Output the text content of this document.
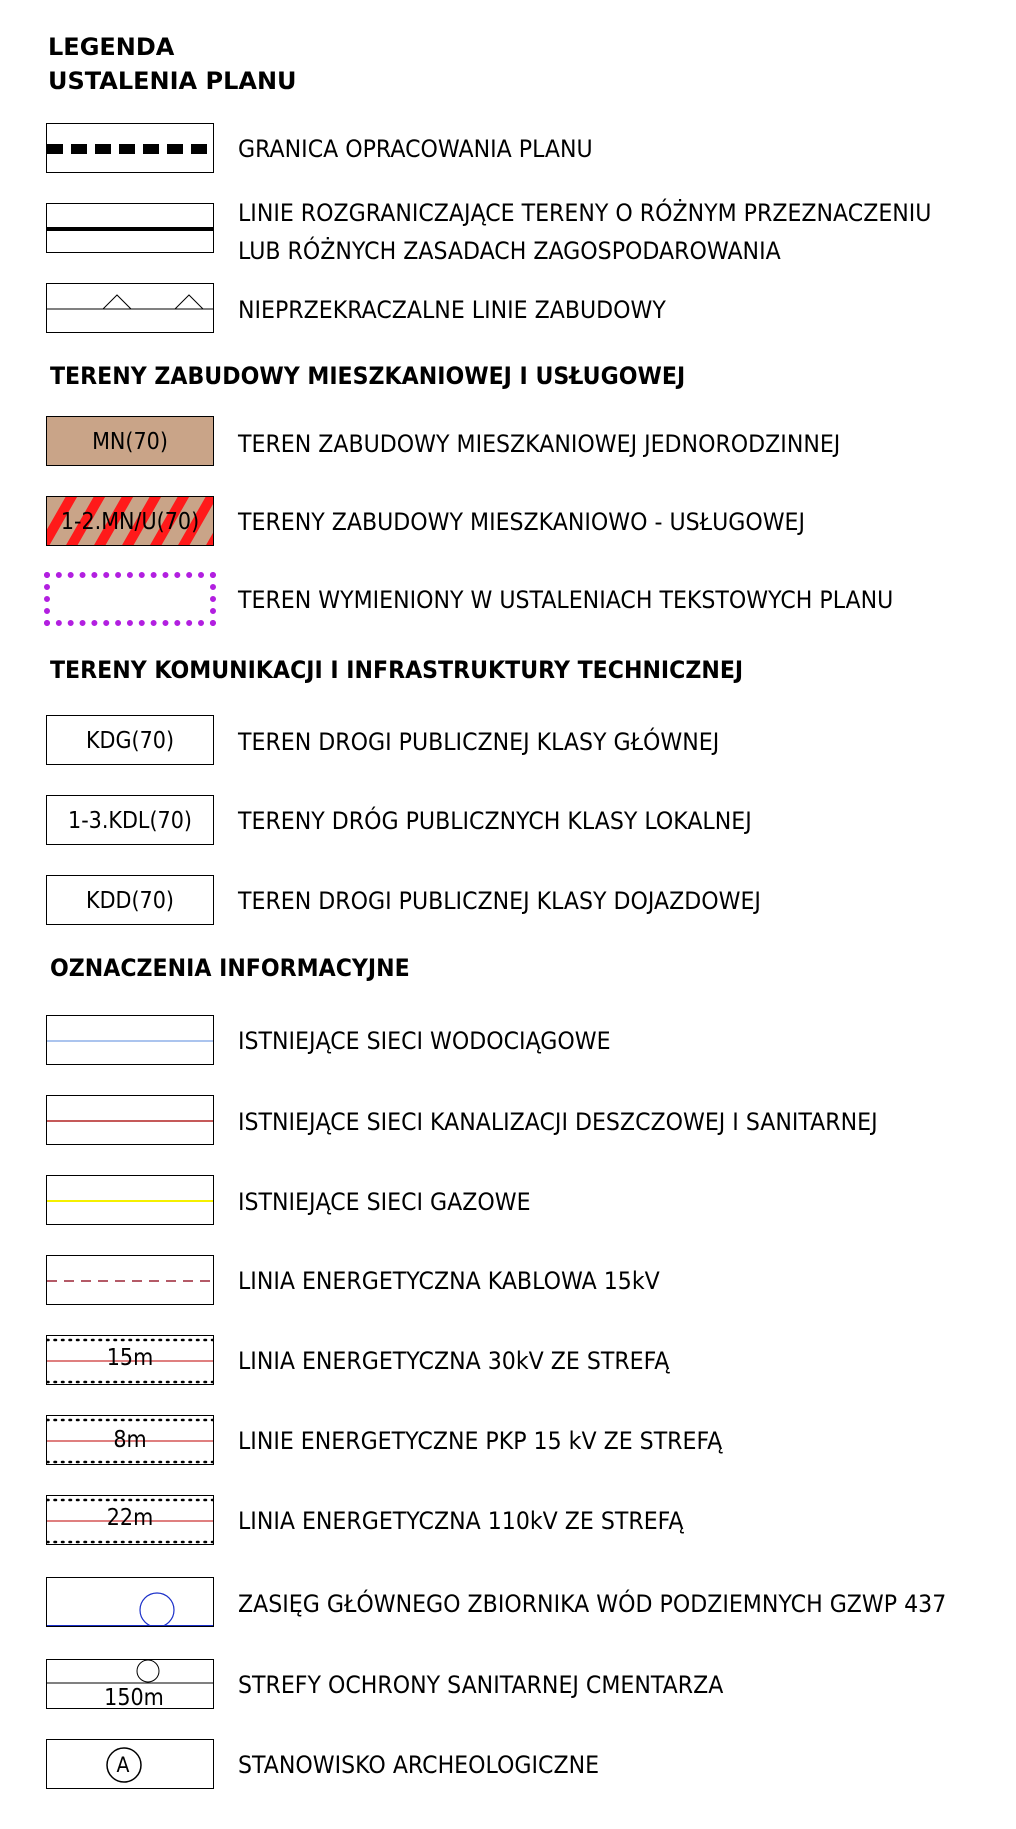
LEGENDA
USTALENIA PLANU
GRANICA OPRACOWANIA PLANU
LINIE ROZGRANICZAJĄCE TERENY O RÓŻNYM PRZEZNACZENIU
LUB RÓŻNYCH ZASADACH ZAGOSPODAROWANIA
NIEPRZEKRACZALNE LINIE ZABUDOWY
TERENY ZABUDOWY MIESZKANIOWEJ I USŁUGOWEJ
MN(70)	TEREN ZABUDOWY MIESZKANIOWEJ JEDNORODZINNEJ
1-2.MN/U(70) TERENY ZABUDOWY MIESZKANIOWO - USŁUGOWEJ
TEREN WYMIENIONY W USTALENIACH TEKSTOWYCH PLANU
TERENY KOMUNIKACJI I INFRASTRUKTURY TECHNICZNEJ
KDG(70)	TEREN DROGI PUBLICZNEJ KLASY GŁÓWNEJ
1-3.KDL(70)	TERENY DRÓG PUBLICZNYCH KLASY LOKALNEJ
KDD(70)	TEREN DROGI PUBLICZNEJ KLASY DOJAZDOWEJ
OZNACZENIA INFORMACYJNE
ISTNIEJĄCE SIECI WODOCIĄGOWE
ISTNIEJĄCE SIECI KANALIZACJI DESZCZOWEJ I SANITARNEJ
ISTNIEJĄCE SIECI GAZOWE
LINIA ENERGETYCZNA KABLOWA 15kV
15m	LINIA ENERGETYCZNA 30kV ZE STREFĄ
8m	LINIE ENERGETYCZNE PKP 15 kV ZE STREFĄ
22m	LINIA ENERGETYCZNA 110kV ZE STREFĄ
ZASIĘG GŁÓWNEGO ZBIORNIKA WÓD PODZIEMNYCH GZWP 437
150m	STREFY OCHRONY SANITARNEJ CMENTARZA
A	STANOWISKO ARCHEOLOGICZNE
